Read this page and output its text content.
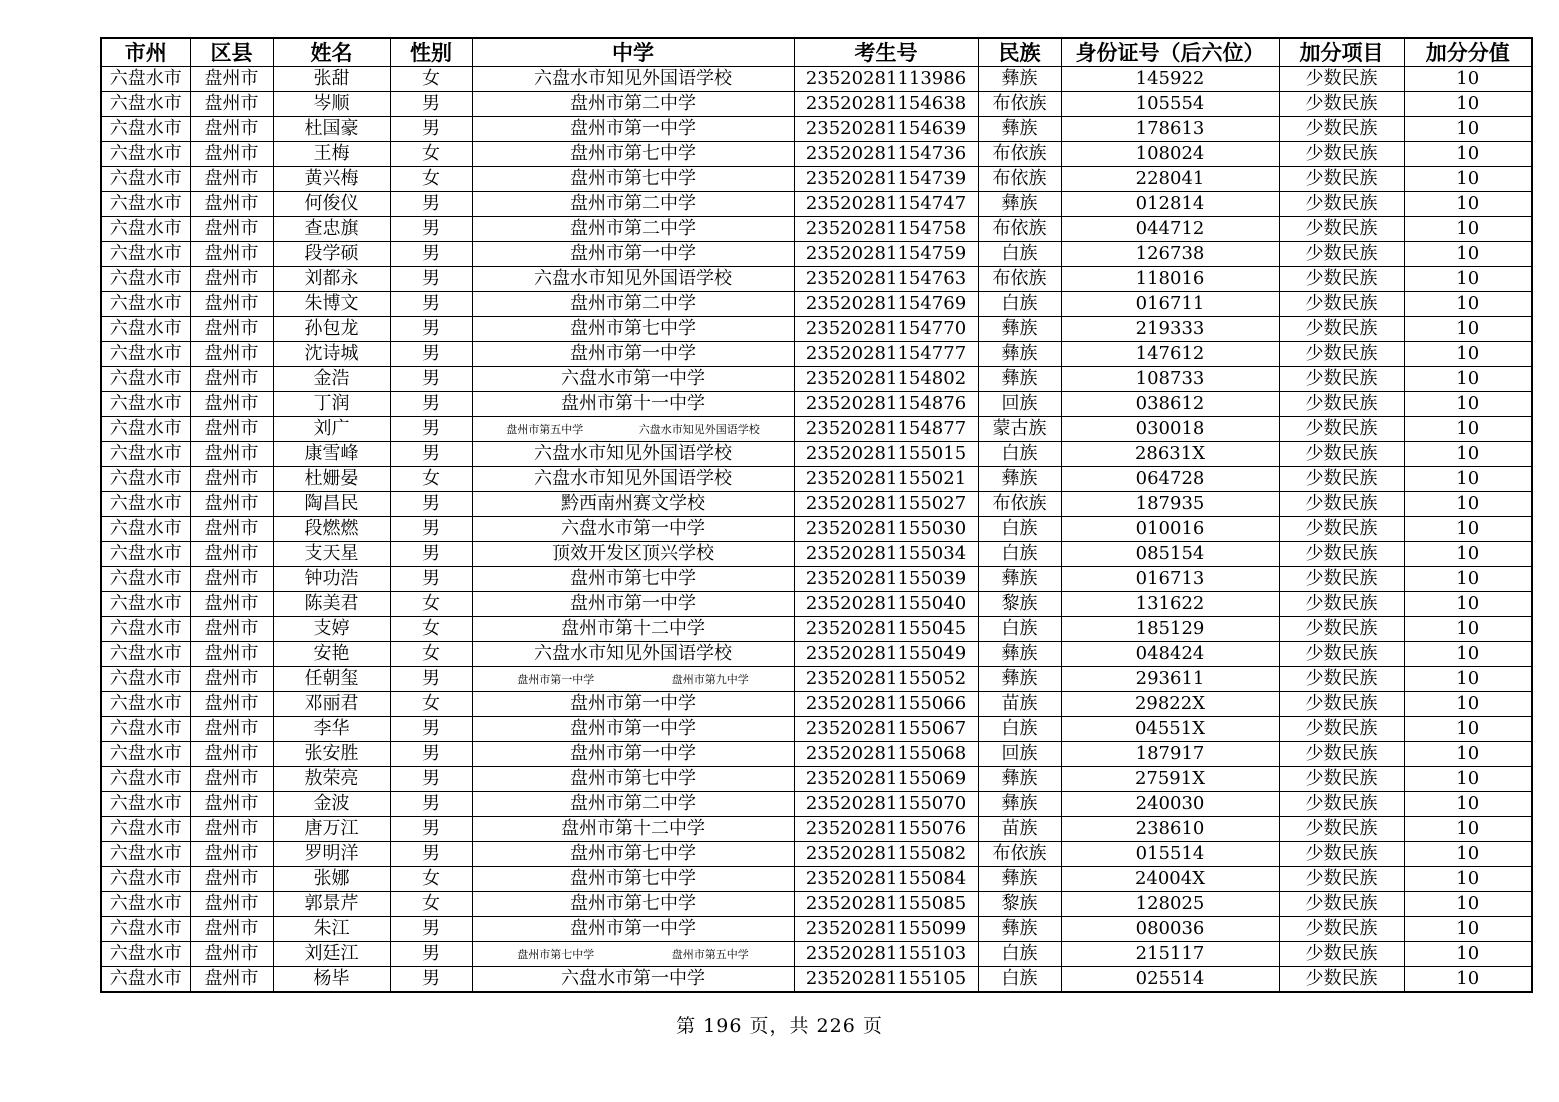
市州	区县	姓名	性别	中学	考生号	民族	身份证号（后六位）	加分项目	加分分值
六盘水市	盘州市	张甜	女	六盘水市知见外国语学校	23520281113986	彝族	145922	少数民族	10
六盘水市	盘州市	岑顺	男	盘州市第二中学	23520281154638	布依族	105554	少数民族	10
六盘水市	盘州市	杜国豪	男	盘州市第一中学	23520281154639	彝族	178613	少数民族	10
六盘水市	盘州市	王梅	女	盘州市第七中学	23520281154736	布依族	108024	少数民族	10
六盘水市	盘州市	黄兴梅	女	盘州市第七中学	23520281154739	布依族	228041	少数民族	10
六盘水市	盘州市	何俊仪	男	盘州市第二中学	23520281154747	彝族	012814	少数民族	10
六盘水市	盘州市	查忠旗	男	盘州市第二中学	23520281154758	布依族	044712	少数民族	10
六盘水市	盘州市	段学硕	男	盘州市第一中学	23520281154759	白族	126738	少数民族	10
六盘水市	盘州市	刘都永	男	六盘水市知见外国语学校	23520281154763	布依族	118016	少数民族	10
六盘水市	盘州市	朱博文	男	盘州市第二中学	23520281154769	白族	016711	少数民族	10
六盘水市	盘州市	孙包龙	男	盘州市第七中学	23520281154770	彝族	219333	少数民族	10
六盘水市	盘州市	沈诗城	男	盘州市第一中学	23520281154777	彝族	147612	少数民族	10
六盘水市	盘州市	金浩	男	六盘水市第一中学	23520281154802	彝族	108733	少数民族	10
六盘水市	盘州市	丁润	男	盘州市第十一中学	23520281154876	回族	038612	少数民族	10
六盘水市	盘州市	刘广	男	盘州市第五中学 六盘水市知见外国语学校	23520281154877	蒙古族	030018	少数民族	10
六盘水市	盘州市	康雪峰	男	六盘水市知见外国语学校	23520281155015	白族	28631X	少数民族	10
六盘水市	盘州市	杜姗晏	女	六盘水市知见外国语学校	23520281155021	彝族	064728	少数民族	10
六盘水市	盘州市	陶昌民	男	黔西南州赛文学校	23520281155027	布依族	187935	少数民族	10
六盘水市	盘州市	段燃燃	男	六盘水市第一中学	23520281155030	白族	010016	少数民族	10
六盘水市	盘州市	支天星	男	顶效开发区顶兴学校	23520281155034	白族	085154	少数民族	10
六盘水市	盘州市	钟功浩	男	盘州市第七中学	23520281155039	彝族	016713	少数民族	10
六盘水市	盘州市	陈美君	女	盘州市第一中学	23520281155040	黎族	131622	少数民族	10
六盘水市	盘州市	支婷	女	盘州市第十二中学	23520281155045	白族	185129	少数民族	10
六盘水市	盘州市	安艳	女	六盘水市知见外国语学校	23520281155049	彝族	048424	少数民族	10
六盘水市	盘州市	任朝玺	男	盘州市第一中学 盘州市第九中学	23520281155052	彝族	293611	少数民族	10
六盘水市	盘州市	邓丽君	女	盘州市第一中学	23520281155066	苗族	29822X	少数民族	10
六盘水市	盘州市	李华	男	盘州市第一中学	23520281155067	白族	04551X	少数民族	10
六盘水市	盘州市	张安胜	男	盘州市第一中学	23520281155068	回族	187917	少数民族	10
六盘水市	盘州市	敖荣亮	男	盘州市第七中学	23520281155069	彝族	27591X	少数民族	10
六盘水市	盘州市	金波	男	盘州市第二中学	23520281155070	彝族	240030	少数民族	10
六盘水市	盘州市	唐万江	男	盘州市第十二中学	23520281155076	苗族	238610	少数民族	10
六盘水市	盘州市	罗明洋	男	盘州市第七中学	23520281155082	布依族	015514	少数民族	10
六盘水市	盘州市	张娜	女	盘州市第七中学	23520281155084	彝族	24004X	少数民族	10
六盘水市	盘州市	郭景芹	女	盘州市第七中学	23520281155085	黎族	128025	少数民族	10
六盘水市	盘州市	朱江	男	盘州市第一中学	23520281155099	彝族	080036	少数民族	10
六盘水市	盘州市	刘廷江	男	盘州市第七中学 盘州市第五中学	23520281155103	白族	215117	少数民族	10
六盘水市	盘州市	杨毕	男	六盘水市第一中学	23520281155105	白族	025514	少数民族	10
第 196 页，共 226 页
